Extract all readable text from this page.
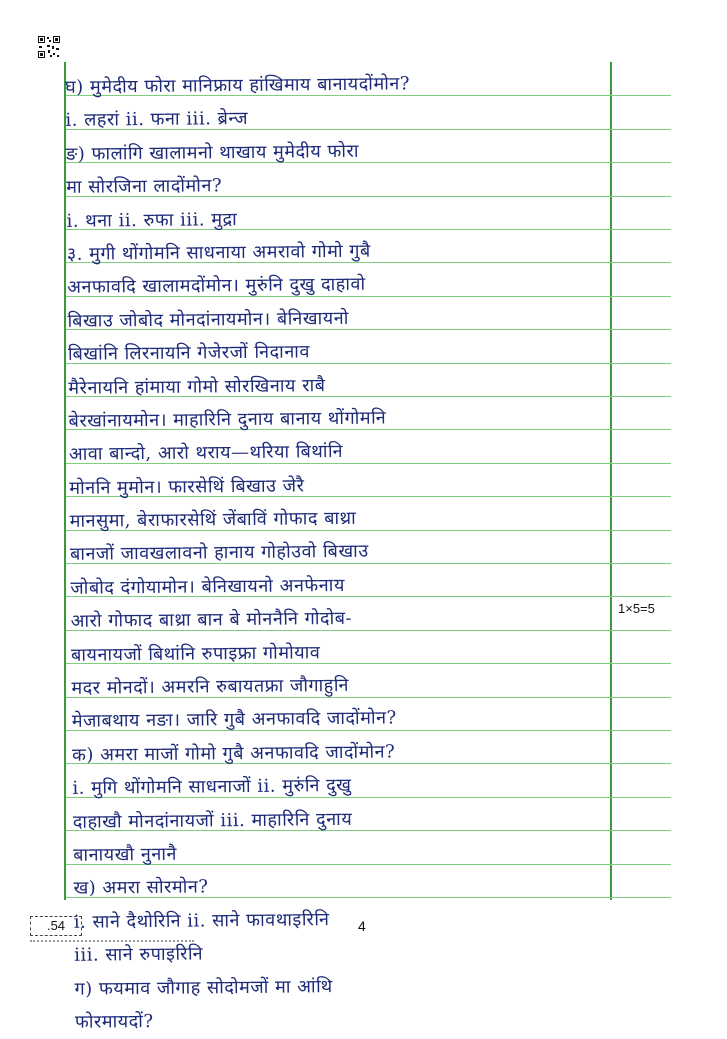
घ) मुमेदीय फोरा मानिफ्राय हांखिमाय बानायदोंमोन?
i. लहरां ii. फना iii. ब्रेन्ज
ङ) फालांगि खालामनो थाखाय मुमेदीय फोरा
मा सोरजिना लादोंमोन?
i. थना ii. रुफा iii. मुद्रा
३. मुगी थोंगोमनि साधनाया अमरावो गोमो गुबै
अनफावदि खालामदोंमोन। मुरुंनि दुखु दाहावो
बिखाउ जोबोद मोनदांनायमोन। बेनिखायनो
बिखांनि लिरनायनि गेजेरजों निदानाव
मैरेनायनि हांमाया गोमो सोरखिनाय राबै
बेरखांनायमोन। माहारिनि दुनाय बानाय थोंगोमनि
आवा बान्दो, आरो थराय—थरिया बिथांनि
मोननि मुमोन। फारसेथिं बिखाउ जेरै
मानसुमा, बेराफारसेथिं जेंबाविं गोफाद बाथ्रा
बानजों जावखलावनो हानाय गोहोउवो बिखाउ
जोबोद दंगोयामोन। बेनिखायनो अनफेनाय
आरो गोफाद बाथ्रा बान बे मोननैनि गोदोब-
बायनायजों बिथांनि रुपाइफ्रा गोमोयाव
मदर मोनदों। अमरनि रुबायतफ्रा जौगाहुनि
मेजाबथाय नङा। जारि गुबै अनफावदि जादोंमोन?
क) अमरा माजों गोमो गुबै अनफावदि जादोंमोन?
i. मुगि थोंगोमनि साधनाजों ii. मुरुंनि दुखु
दाहाखौ मोनदांनायजों iii. माहारिनि दुनाय
बानायखौ नुनानै
ख) अमरा सोरमोन?
i. साने दैथोरिनि ii. साने फावथाइरिनि
iii. साने रुपाइरिनि
ग) फयमाव जौगाह सोदोमजों मा आंथि
फोरमायदों?
1×5=5
.54	4
